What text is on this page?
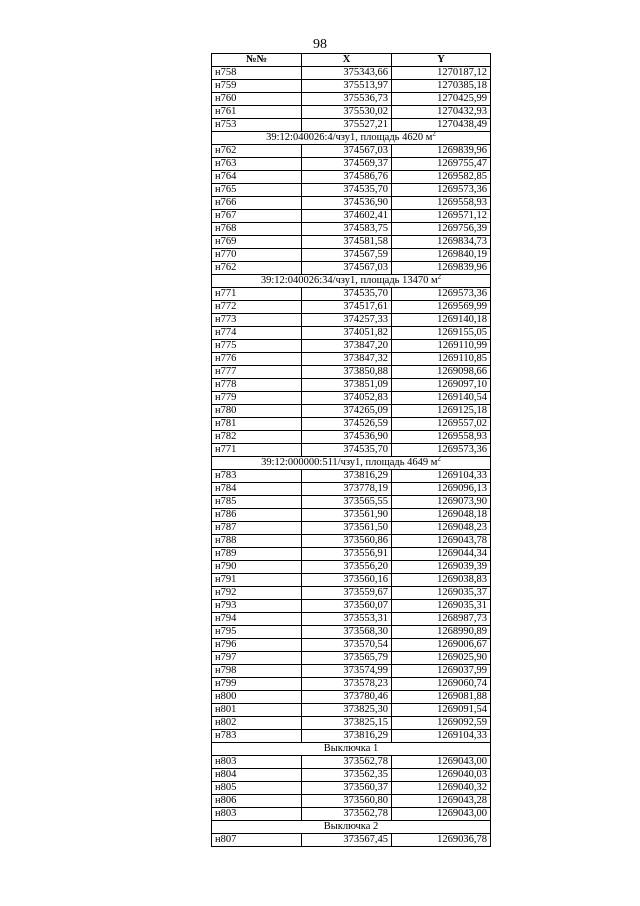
98
№№	X	Y
н758	375343,66	1270187,12
н759	375513,97	1270385,18
н760	375536,73	1270425,99
н761	375530,02	1270432,93
н753	375527,21	1270438,49
39:12:040026:4/чзу1, площадь 4620 $м^2$
н762	374567,03	1269839,96
н763	374569,37	1269755,47
н764	374586,76	1269582,85
н765	374535,70	1269573,36
н766	374536,90	1269558,93
н767	374602,41	1269571,12
н768	374583,75	1269756,39
н769	374581,58	1269834,73
н770	374567,59	1269840,19
н762	374567,03	1269839,96
39:12:040026:34/чзу1, площадь 13470 $м^2$
н771	374535,70	1269573,36
н772	374517,61	1269569,99
н773	374257,33	1269140,18
н774	374051,82	1269155,05
н775	373847,20	1269110,99
н776	373847,32	1269110,85
н777	373850,88	1269098,66
н778	373851,09	1269097,10
н779	374052,83	1269140,54
н780	374265,09	1269125,18
н781	374526,59	1269557,02
н782	374536,90	1269558,93
н771	374535,70	1269573,36
39:12:000000:511/чзу1, площадь 4649 $м^2$
н783	373816,29	1269104,33
н784	373778,19	1269096,13
н785	373565,55	1269073,90
н786	373561,90	1269048,18
н787	373561,50	1269048,23
н788	373560,86	1269043,78
н789	373556,91	1269044,34
н790	373556,20	1269039,39
н791	373560,16	1269038,83
н792	373559,67	1269035,37
н793	373560,07	1269035,31
н794	373553,31	1268987,73
н795	373568,30	1268990,89
н796	373570,54	1269006,67
н797	373565,79	1269025,90
н798	373574,99	1269037,99
н799	373578,23	1269060,74
н800	373780,46	1269081,88
н801	373825,30	1269091,54
н802	373825,15	1269092,59
н783	373816,29	1269104,33
Выключка 1		
н803	373562,78	1269043,00
н804	373562,35	1269040,03
н805	373560,37	1269040,32
н806	373560,80	1269043,28
н803	373562,78	1269043,00
Выключка 2		
н807	373567,45	1269036,78
